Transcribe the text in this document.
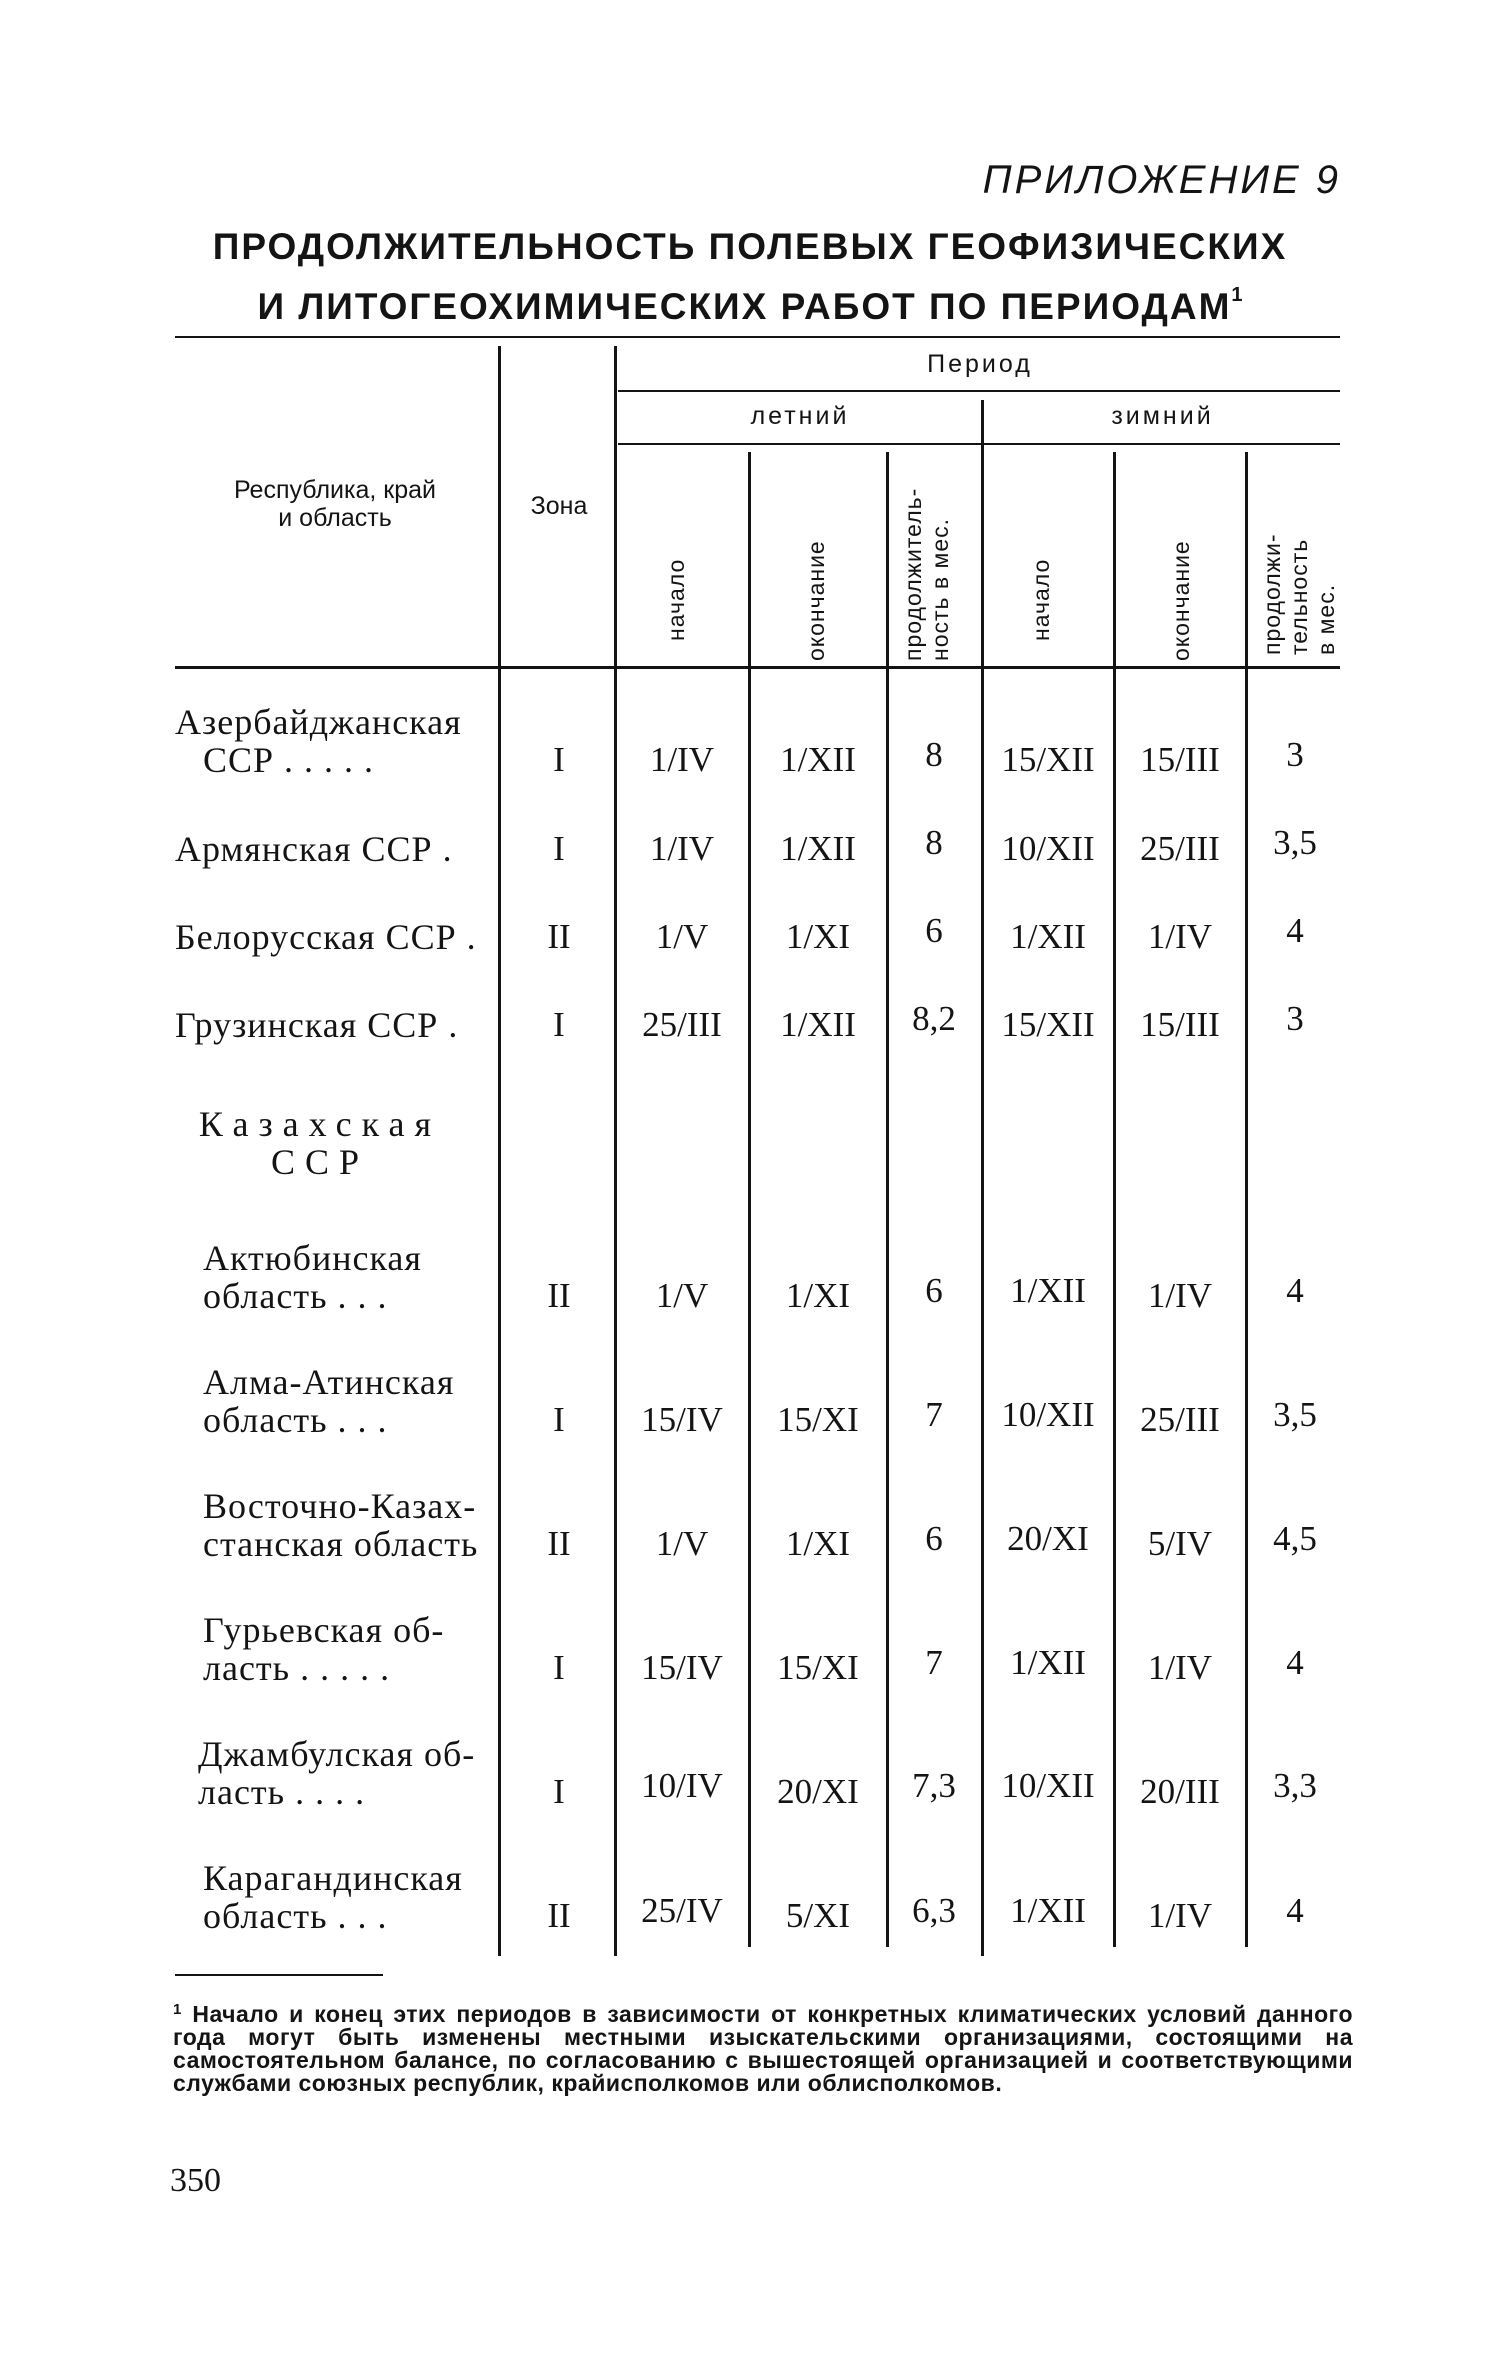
ПРИЛОЖЕНИЕ 9
ПРОДОЛЖИТЕЛЬНОСТЬ ПОЛЕВЫХ ГЕОФИЗИЧЕСКИХ
И ЛИТОГЕОХИМИЧЕСКИХ РАБОТ ПО ПЕРИОДАМ$^1$
Республика, край
и область	Зона
Период
летний	зимний
начало	окончание	продолжитель- ность в мес.	начало	окончание	продолжи- тельность в мес.
Азербайджанская
ССР . . . . .	I	1/IV	1/XII	8	15/XII	15/III	3
Армянская ССР .	I	1/IV	1/XII	8	10/XII	25/III	3,5
Белорусская ССР .	II	1/V	1/XI	6	1/XII	1/IV	4
Грузинская ССР .	I	25/III	1/XII	8,2	15/XII	15/III	3
Казахская
ССР
Актюбинская
область . . .	II	1/V	1/XI	6	1/XII	1/IV	4
Алма-Атинская
область . . .	I	15/IV	15/XI	7	10/XII	25/III	3,5
Восточно-Казах-
станская область	II	1/V	1/XI	6	20/XI	5/IV	4,5
Гурьевская об-
ласть . . . . .	I	15/IV	15/XI	7	1/XII	1/IV	4
Джамбулская об-
ласть . . . .	I	10/IV	20/XI	7,3	10/XII	20/III	3,3
Карагандинская
область . . .	II	25/IV	5/XI	6,3	1/XII	1/IV	4
$^1$ Начало и конец этих периодов в зависимости от конкретных климатических условий данного года могут быть изменены местными изыскательскими организациями, состоящими на самостоятельном балансе, по согласованию с вышестоящей организацией и соответствующими службами союзных республик, крайисполкомов или облисполкомов.
350
